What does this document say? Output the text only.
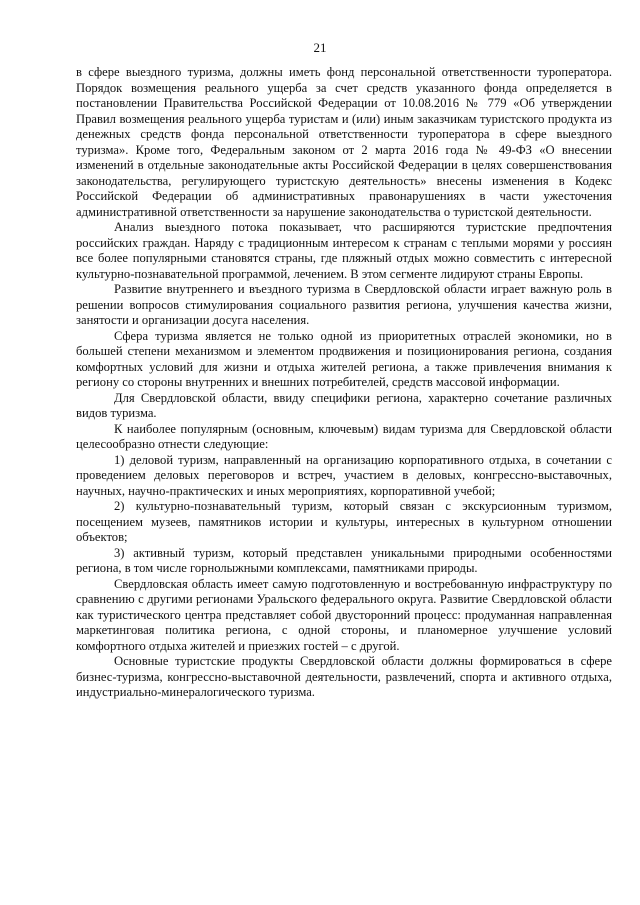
21

в сфере выездного туризма, должны иметь фонд персональной ответственности туроператора. Порядок возмещения реального ущерба за счет средств указанного фонда определяется в постановлении Правительства Российской Федерации от 10.08.2016 № 779 «Об утверждении Правил возмещения реального ущерба туристам и (или) иным заказчикам туристского продукта из денежных средств фонда персональной ответственности туроператора в сфере выездного туризма». Кроме того, Федеральным законом от 2 марта 2016 года № 49-ФЗ «О внесении изменений в отдельные законодательные акты Российской Федерации в целях совершенствования законодательства, регулирующего туристскую деятельность» внесены изменения в Кодекс Российской Федерации об административных правонарушениях в части ужесточения административной ответственности за нарушение законодательства о туристской деятельности.

Анализ выездного потока показывает, что расширяются туристские предпочтения российских граждан. Наряду с традиционным интересом к странам с теплыми морями у россиян все более популярными становятся страны, где пляжный отдых можно совместить с интересной культурно-познавательной программой, лечением. В этом сегменте лидируют страны Европы.

Развитие внутреннего и въездного туризма в Свердловской области играет важную роль в решении вопросов стимулирования социального развития региона, улучшения качества жизни, занятости и организации досуга населения.

Сфера туризма является не только одной из приоритетных отраслей экономики, но в большей степени механизмом и элементом продвижения и позиционирования региона, создания комфортных условий для жизни и отдыха жителей региона, а также привлечения внимания к региону со стороны внутренних и внешних потребителей, средств массовой информации.

Для Свердловской области, ввиду специфики региона, характерно сочетание различных видов туризма.

К наиболее популярным (основным, ключевым) видам туризма для Свердловской области целесообразно отнести следующие:

1) деловой туризм, направленный на организацию корпоративного отдыха, в сочетании с проведением деловых переговоров и встреч, участием в деловых, конгрессно-выставочных, научных, научно-практических и иных мероприятиях, корпоративной учебой;

2) культурно-познавательный туризм, который связан с экскурсионным туризмом, посещением музеев, памятников истории и культуры, интересных в культурном отношении объектов;

3) активный туризм, который представлен уникальными природными особенностями региона, в том числе горнолыжными комплексами, памятниками природы.

Свердловская область имеет самую подготовленную и востребованную инфраструктуру по сравнению с другими регионами Уральского федерального округа. Развитие Свердловской области как туристического центра представляет собой двусторонний процесс: продуманная направленная маркетинговая политика региона, с одной стороны, и планомерное улучшение условий комфортного отдыха жителей и приезжих гостей – с другой.

Основные туристские продукты Свердловской области должны формироваться в сфере бизнес-туризма, конгрессно-выставочной деятельности, развлечений, спорта и активного отдыха, индустриально-минералогического туризма.
